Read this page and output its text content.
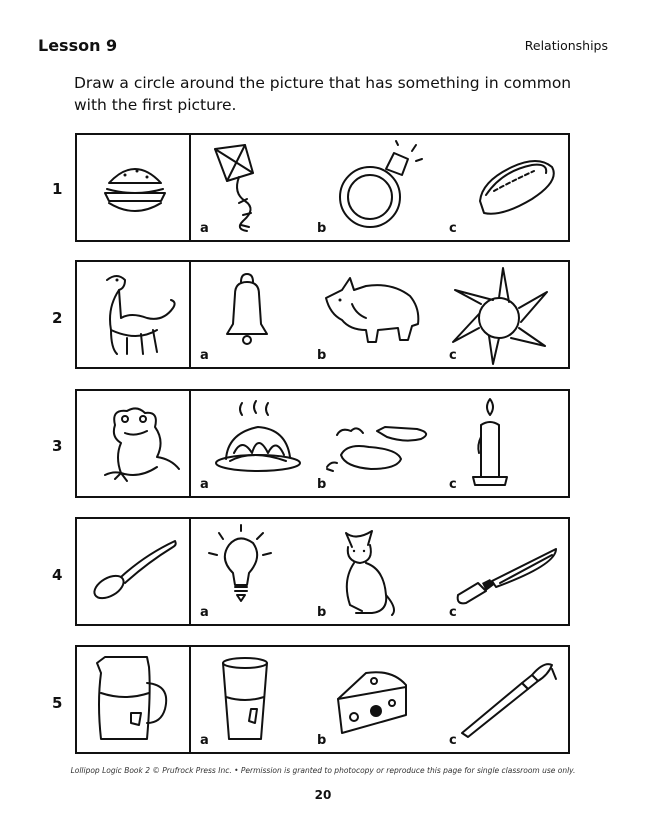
Lesson 9	Relationships
Draw a circle around the picture that has something in common with the first picture.
1
a	b	c
2
a	b	c
3
a	b	c
4
a	b	c
5
a	b	c
Lollipop Logic Book 2 © Prufrock Press Inc. • Permission is granted to photocopy or reproduce this page for single classroom use only.
20
